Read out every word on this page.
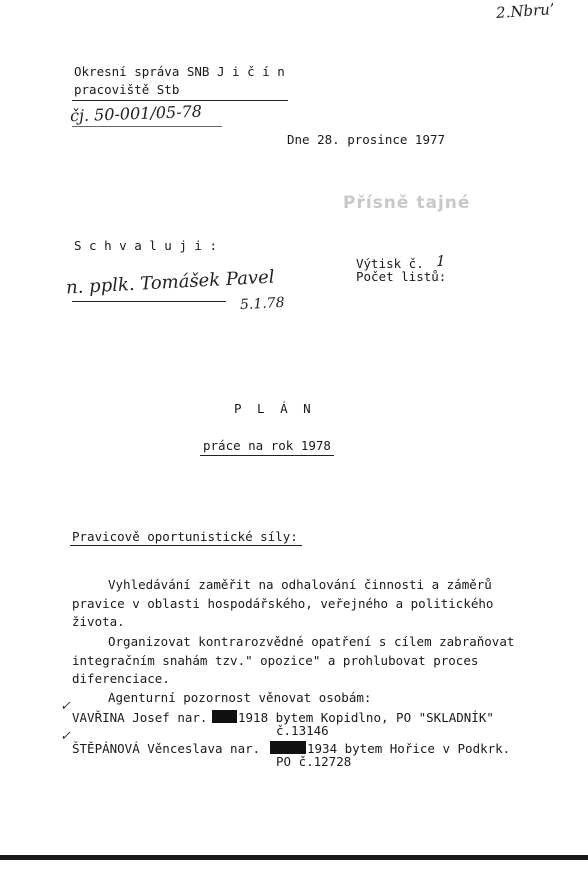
2.Nbru’
Okresní správa SNB J i č í n
pracoviště Stb
čj. 50-001/05-78
Dne 28. prosince 1977
Přísně tajné
S c h v a l u j i :
n. pplk. Tomášek Pavel
5.1.78
Výtisk č. 1
Počet listů:
P L Á N
práce na rok 1978
Pravicově oportunistické síly:
Vyhledávání zaměřit na odhalování činnosti a záměrů
pravice v oblasti hospodářského, veřejného a politického
života.
Organizovat kontrarozvědné opatření s cílem zabraňovat
integračním snahám tzv." opozice" a prohlubovat proces
diferenciace.
Agenturní pozornost věnovat osobám:
✓
VAVŘINA Josef nar. 1918 bytem Kopidlno, PO "SKLADNÍK"
č.13146
✓
ŠTĚPÁNOVÁ Věnceslava nar.	1934 bytem Hořice v Podkrk.
PO č.12728
